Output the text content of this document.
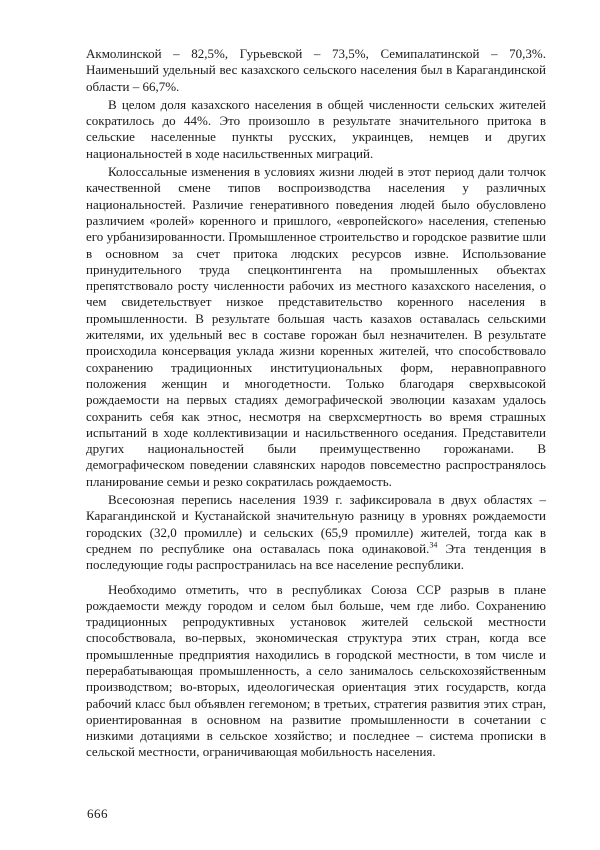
Акмолинской – 82,5%, Гурьевской – 73,5%, Семипалатинской – 70,3%. Наименьший удельный вес казахского сельского населения был в Карагандинской области – 66,7%.

В целом доля казахского населения в общей численности сельских жителей сократилось до 44%. Это произошло в результате значительного притока в сельские населенные пункты русских, украинцев, немцев и других национальностей в ходе насильственных миграций.

Колоссальные изменения в условиях жизни людей в этот период дали толчок качественной смене типов воспроизводства населения у различных национальностей. Различие генеративного поведения людей было обусловлено различием «ролей» коренного и пришлого, «европейского» населения, степенью его урбанизированности. Промышленное строительство и городское развитие шли в основном за счет притока людских ресурсов извне. Использование принудительного труда спецконтингента на промышленных объектах препятствовало росту численности рабочих из местного казахского населения, о чем свидетельствует низкое представительство коренного населения в промышленности. В результате большая часть казахов оставалась сельскими жителями, их удельный вес в составе горожан был незначителен. В результате происходила консервация уклада жизни коренных жителей, что способствовало сохранению традиционных институциональных форм, неравноправного положения женщин и многодетности. Только благодаря сверхвысокой рождаемости на первых стадиях демографической эволюции казахам удалось сохранить себя как этнос, несмотря на сверхсмертность во время страшных испытаний в ходе коллективизации и насильственного оседания. Представители других национальностей были преимущественно горожанами. В демографическом поведении славянских народов повсеместно распространялось планирование семьи и резко сократилась рождаемость.

Всесоюзная перепись населения 1939 г. зафиксировала в двух областях – Карагандинской и Кустанайской значительную разницу в уровнях рождаемости городских (32,0 промилле) и сельских (65,9 промилле) жителей, тогда как в среднем по республике она оставалась пока одинаковой.$^{34}$ Эта тенденция в последующие годы распространилась на все население республики.

Необходимо отметить, что в республиках Союза ССР разрыв в плане рождаемости между городом и селом был больше, чем где либо. Сохранению традиционных репродуктивных установок жителей сельской местности способствовала, во-первых, экономическая структура этих стран, когда все промышленные предприятия находились в городской местности, в том числе и перерабатывающая промышленность, а село занималось сельскохозяйственным производством; во-вторых, идеологическая ориентация этих государств, когда рабочий класс был объявлен гегемоном; в третьих, стратегия развития этих стран, ориентированная в основном на развитие промышленности в сочетании с низкими дотациями в сельское хозяйство; и последнее – система прописки в сельской местности, ограничивающая мобильность населения.

666
